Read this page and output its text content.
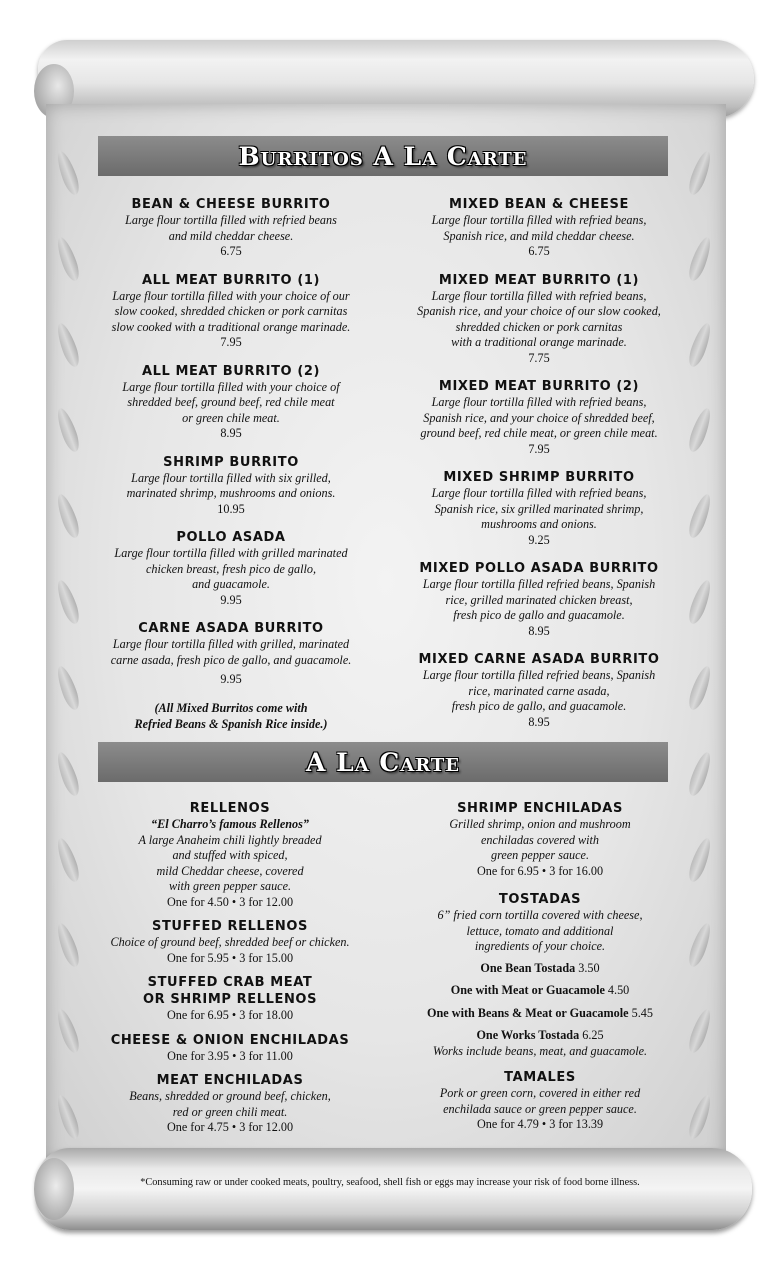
Burritos A La Carte
BEAN & CHEESE BURRITO
Large flour tortilla filled with refried beans
and mild cheddar cheese.
6.75
ALL MEAT BURRITO (1)
Large flour tortilla filled with your choice of our
slow cooked, shredded chicken or pork carnitas
slow cooked with a traditional orange marinade.
7.95
ALL MEAT BURRITO (2)
Large flour tortilla filled with your choice of
shredded beef, ground beef, red chile meat
or green chile meat.
8.95
SHRIMP BURRITO
Large flour tortilla filled with six grilled,
marinated shrimp, mushrooms and onions.
10.95
POLLO ASADA
Large flour tortilla filled with grilled marinated
chicken breast, fresh pico de gallo,
and guacamole.
9.95
CARNE ASADA BURRITO
Large flour tortilla filled with grilled, marinated
carne asada, fresh pico de gallo, and guacamole.
9.95
(All Mixed Burritos come with
Refried Beans & Spanish Rice inside.)
MIXED BEAN & CHEESE
Large flour tortilla filled with refried beans,
Spanish rice, and mild cheddar cheese.
6.75
MIXED MEAT BURRITO (1)
Large flour tortilla filled with refried beans,
Spanish rice, and your choice of our slow cooked,
shredded chicken or pork carnitas
with a traditional orange marinade.
7.75
MIXED MEAT BURRITO (2)
Large flour tortilla filled with refried beans,
Spanish rice, and your choice of shredded beef,
ground beef, red chile meat, or green chile meat.
7.95
MIXED SHRIMP BURRITO
Large flour tortilla filled with refried beans,
Spanish rice, six grilled marinated shrimp,
mushrooms and onions.
9.25
MIXED POLLO ASADA BURRITO
Large flour tortilla filled refried beans, Spanish
rice, grilled marinated chicken breast,
fresh pico de gallo and guacamole.
8.95
MIXED CARNE ASADA BURRITO
Large flour tortilla filled refried beans, Spanish
rice, marinated carne asada,
fresh pico de gallo, and guacamole.
8.95
A La Carte
RELLENOS
“El Charro’s famous Rellenos”
A large Anaheim chili lightly breaded
and stuffed with spiced,
mild Cheddar cheese, covered
with green pepper sauce.
One for 4.50 • 3 for 12.00
STUFFED RELLENOS
Choice of ground beef, shredded beef or chicken.
One for 5.95 • 3 for 15.00
STUFFED CRAB MEAT
OR SHRIMP RELLENOS
One for 6.95 • 3 for 18.00
CHEESE & ONION ENCHILADAS
One for 3.95 • 3 for 11.00
MEAT ENCHILADAS
Beans, shredded or ground beef, chicken,
red or green chili meat.
One for 4.75 • 3 for 12.00
SHRIMP ENCHILADAS
Grilled shrimp, onion and mushroom
enchiladas covered with
green pepper sauce.
One for 6.95 • 3 for 16.00
TOSTADAS
6” fried corn tortilla covered with cheese,
lettuce, tomato and additional
ingredients of your choice.
One Bean Tostada 3.50
One with Meat or Guacamole 4.50
One with Beans & Meat or Guacamole 5.45
One Works Tostada 6.25
Works include beans, meat, and guacamole.
TAMALES
Pork or green corn, covered in either red
enchilada sauce or green pepper sauce.
One for 4.79 • 3 for 13.39
*Consuming raw or under cooked meats, poultry, seafood, shell fish or eggs may increase your risk of food borne illness.
